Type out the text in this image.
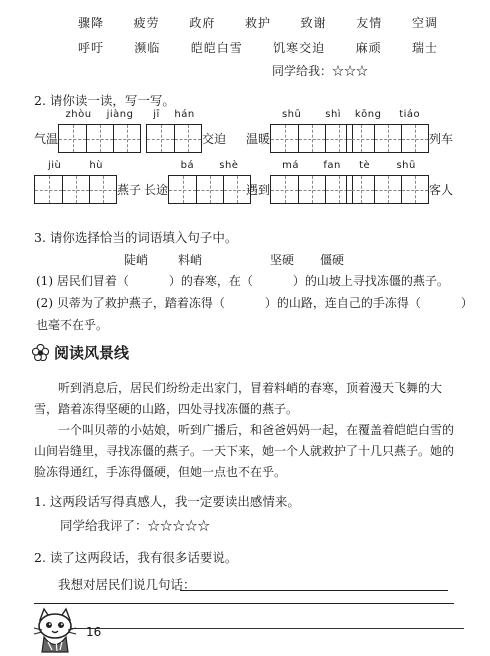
骤降 疲劳 政府 救护 致谢 友情 空调
呼吁	濒临	皑皑白雪	饥寒交迫	麻顽	瑞士
同学给我：☆☆☆
2. 请你读一读，写一写。
气温
zhòu jiàng jī hán
交迫 温暖
shū shì kōng tiáo
列车
jiù	hù
燕子 长途
bá	shè
遇到
má fan tè	shū
客人
3. 请你选择恰当的词语填入句子中。
陡峭 料峭	坚硬 僵硬
(1) 居民们冒着（	）的春寒，在（	）的山坡上寻找冻僵的燕子。
(2) 贝蒂为了救护燕子，踏着冻得（	）的山路，连自己的手冻得（	）
也毫不在乎。
阅读风景线
听到消息后，居民们纷纷走出家门，冒着料峭的春寒，顶着漫天飞舞的大雪，踏着冻得坚硬的山路，四处寻找冻僵的燕子。
一个叫贝蒂的小姑娘，听到广播后，和爸爸妈妈一起，在覆盖着皑皑白雪的山间岩缝里，寻找冻僵的燕子。一天下来，她一个人就救护了十几只燕子。她的脸冻得通红，手冻得僵硬，但她一点也不在乎。
1. 这两段话写得真感人，我一定要读出感情来。
同学给我评了：☆☆☆☆☆
2. 读了这两段话，我有很多话要说。
我想对居民们说几句话：
16
